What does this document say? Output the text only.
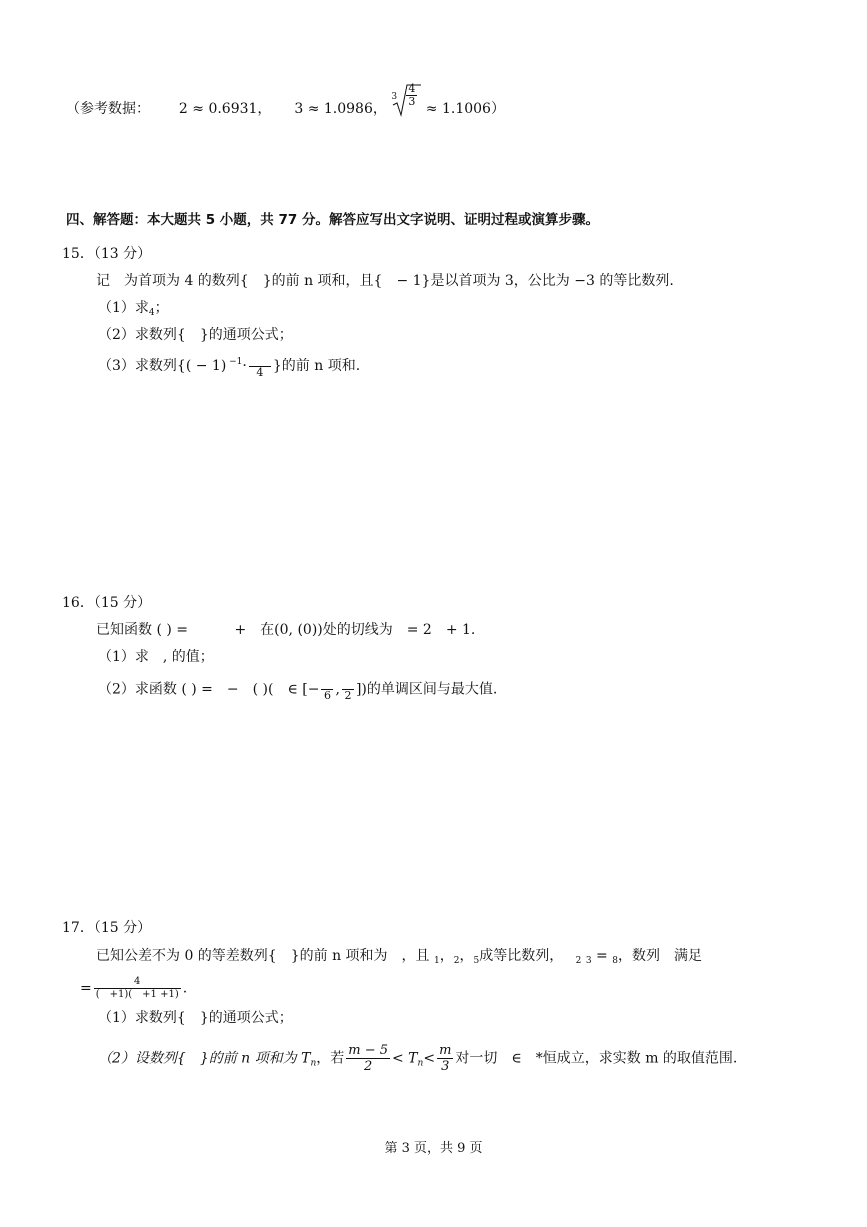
（参考数据： 2 ≈ 0.6931， 3 ≈ 1.0986，
$3 \frac{4}{3}$
≈ 1.1006）
四、解答题：本大题共 5 小题，共 77 分。解答应写出文字说明、证明过程或演算步骤。
15．（13 分）
记　为首项为 4 的数列{　}的前 n 项和，且{　− 1}是以首项为 3，公比为 −3 的等比数列.
（1）求$_4$；
（2）求数列{　}的通项公式；
（3）求数列{( − 1) $^{-1}$·
4 }的前 n 项和.
16．（15 分）
已知函数 ( ) =　　　 +　在(0, (0))处的切线为　= 2　+ 1.
（1）求　, 的值；
（2）求函数 ( ) =　−　( )(　∈ [−
6 ,
2 ])的单调区间与最大值.
17．（15 分）
已知公差不为 0 的等差数列{　}的前 n 项和为　，且 $_1$，$_2$，$_5$成等比数列， $_2$ $_3$ = $_8$，数列　满足
= $\frac{4}{( +1)( +1 +1)}$ .
（1）求数列{　}的通项公式；
（2）设数列{　}的前 n 项和为 $T_n$，若 $\frac{m - 5}{2} < T_n< \frac{m}{3}$ 对一切　∈　*恒成立，求实数 m 的取值范围.
第 3 页，共 9 页
